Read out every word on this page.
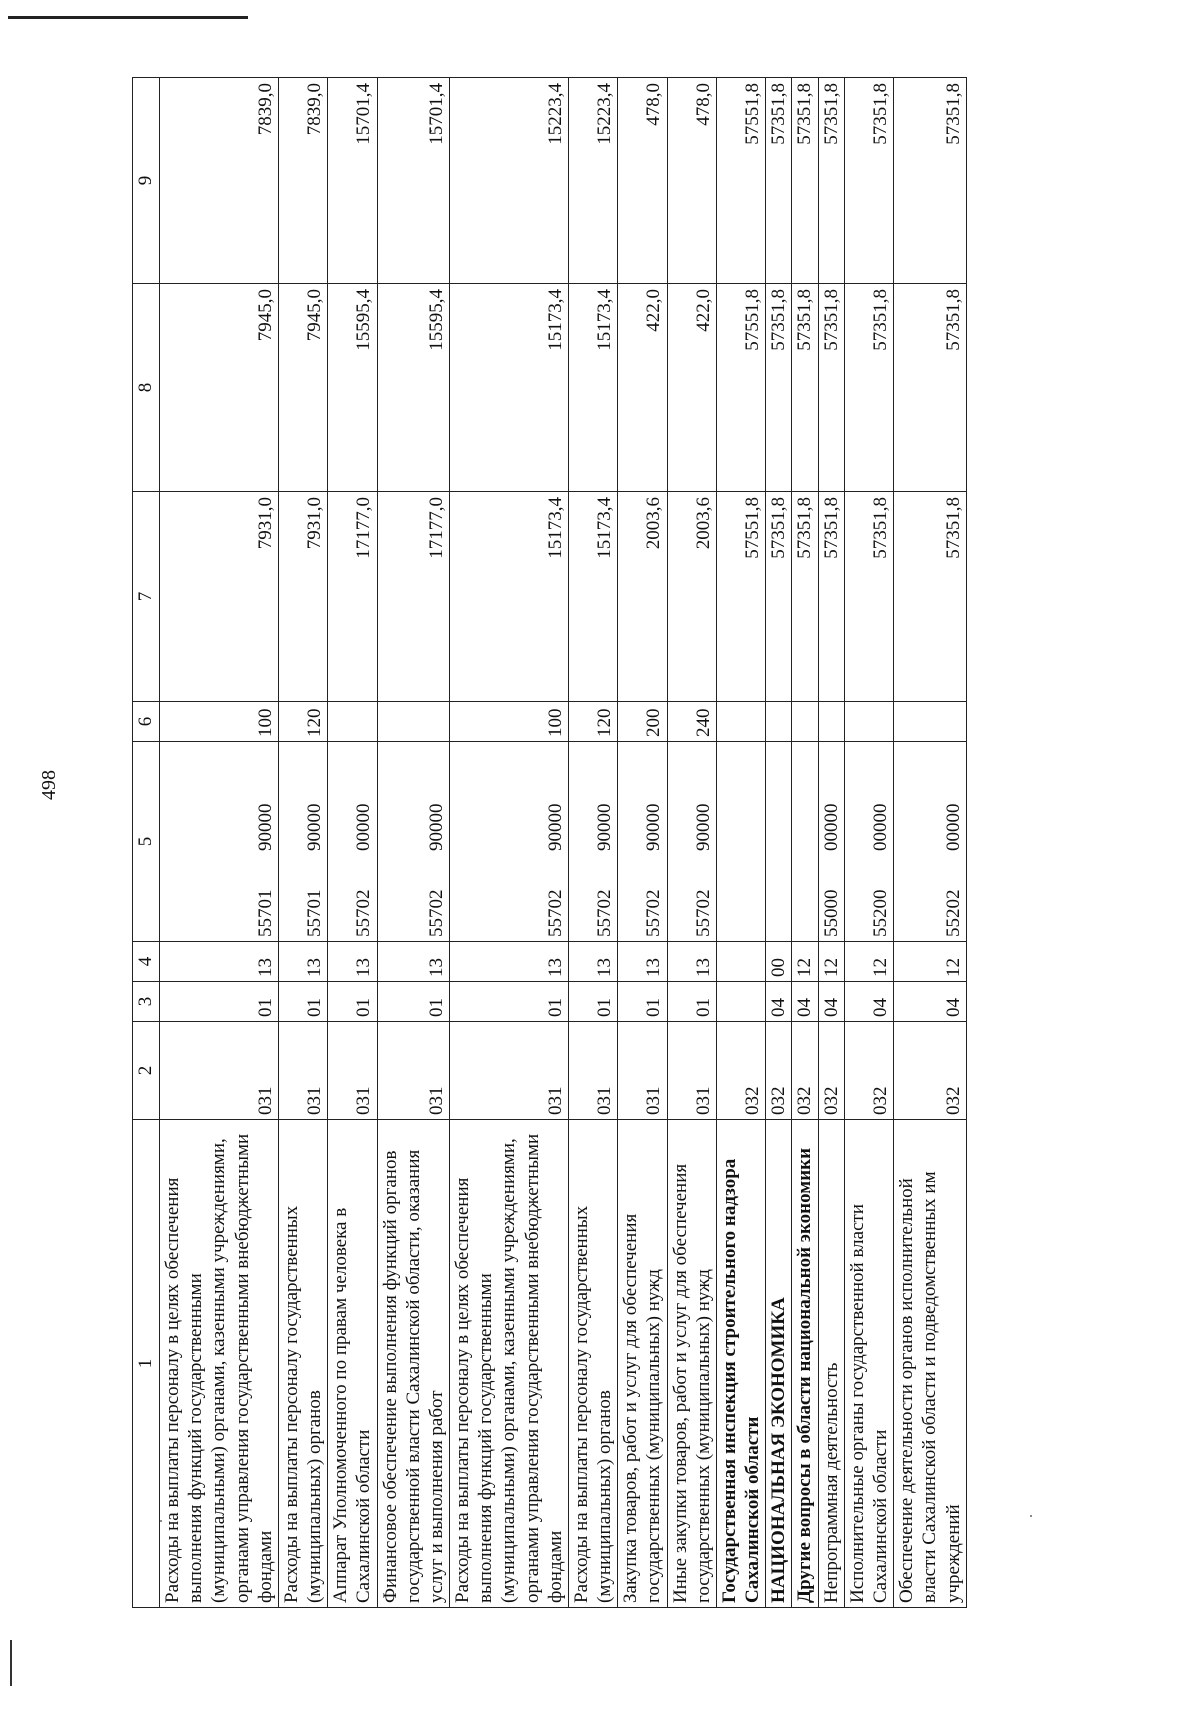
498
1	2	3	4	5	6	7	8	9
Расходы на выплаты персоналу в целях обеспечения выполнения функций государственными (муниципальными) органами, казенными учреждениями, органами управления государственными внебюджетными фондами	031	01	13	5570190000	100	7931,0	7945,0	7839,0
Расходы на выплаты персоналу государственных (муниципальных) органов	031	01	13	5570190000	120	7931,0	7945,0	7839,0
Аппарат Уполномоченного по правам человека в Сахалинской области	031	01	13	5570200000		17177,0	15595,4	15701,4
Финансовое обеспечение выполнения функций органов государственной власти Сахалинской области, оказания услуг и выполнения работ	031	01	13	5570290000		17177,0	15595,4	15701,4
Расходы на выплаты персоналу в целях обеспечения выполнения функций государственными (муниципальными) органами, казенными учреждениями, органами управления государственными внебюджетными фондами	031	01	13	5570290000	100	15173,4	15173,4	15223,4
Расходы на выплаты персоналу государственных (муниципальных) органов	031	01	13	5570290000	120	15173,4	15173,4	15223,4
Закупка товаров, работ и услуг для обеспечения государственных (муниципальных) нужд	031	01	13	5570290000	200	2003,6	422,0	478,0
Иные закупки товаров, работ и услуг для обеспечения государственных (муниципальных) нужд	031	01	13	5570290000	240	2003,6	422,0	478,0
Государственная инспекция строительного надзора Сахалинской области	032					57551,8	57551,8	57551,8
НАЦИОНАЛЬНАЯ ЭКОНОМИКА	032	04	00			57351,8	57351,8	57351,8
Другие вопросы в области национальной экономики	032	04	12			57351,8	57351,8	57351,8
Непрограммная деятельность	032	04	12	5500000000		57351,8	57351,8	57351,8
Исполнительные органы государственной власти Сахалинской области	032	04	12	5520000000		57351,8	57351,8	57351,8
Обеспечение деятельности органов исполнительной власти Сахалинской области и подведомственных им учреждений	032	04	12	5520200000		57351,8	57351,8	57351,8
